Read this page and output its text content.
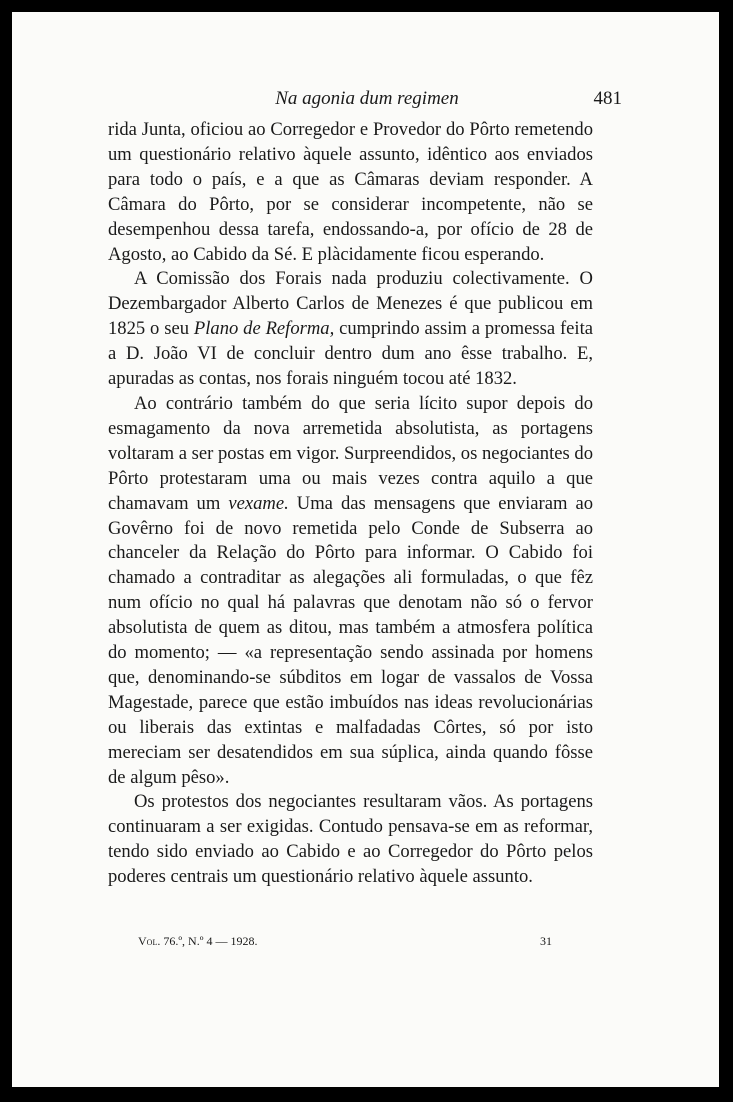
Na agonia dum regimen	481

rida Junta, oficiou ao Corregedor e Provedor do Pôrto remetendo um questionário relativo àquele assunto, idêntico aos enviados para todo o país, e a que as Câmaras deviam responder. A Câmara do Pôrto, por se considerar incompetente, não se desempenhou dessa tarefa, endossando-a, por ofício de 28 de Agosto, ao Cabido da Sé. E plàcidamente ficou esperando.

A Comissão dos Forais nada produziu colectivamente. O Dezembargador Alberto Carlos de Menezes é que publicou em 1825 o seu Plano de Reforma, cumprindo assim a promessa feita a D. João VI de concluir dentro dum ano êsse trabalho. E, apuradas as contas, nos forais ninguém tocou até 1832.

Ao contrário também do que seria lícito supor depois do esmagamento da nova arremetida absolutista, as portagens voltaram a ser postas em vigor. Surpreendidos, os negociantes do Pôrto protestaram uma ou mais vezes contra aquilo a que chamavam um vexame. Uma das mensagens que enviaram ao Govêrno foi de novo remetida pelo Conde de Subserra ao chanceler da Relação do Pôrto para informar. O Cabido foi chamado a contraditar as alegações ali formuladas, o que fêz num ofício no qual há palavras que denotam não só o fervor absolutista de quem as ditou, mas também a atmosfera política do momento; — «a representação sendo assinada por homens que, denominando-se súbditos em logar de vassalos de Vossa Magestade, parece que estão imbuídos nas ideas revolucionárias ou liberais das extintas e malfadadas Côrtes, só por isto mereciam ser desatendidos em sua súplica, ainda quando fôsse de algum pêso».

Os protestos dos negociantes resultaram vãos. As portagens continuaram a ser exigidas. Contudo pensava-se em as reformar, tendo sido enviado ao Cabido e ao Corregedor do Pôrto pelos poderes centrais um questionário relativo àquele assunto.

Vol. 76.º, N.º 4 — 1928.	31
